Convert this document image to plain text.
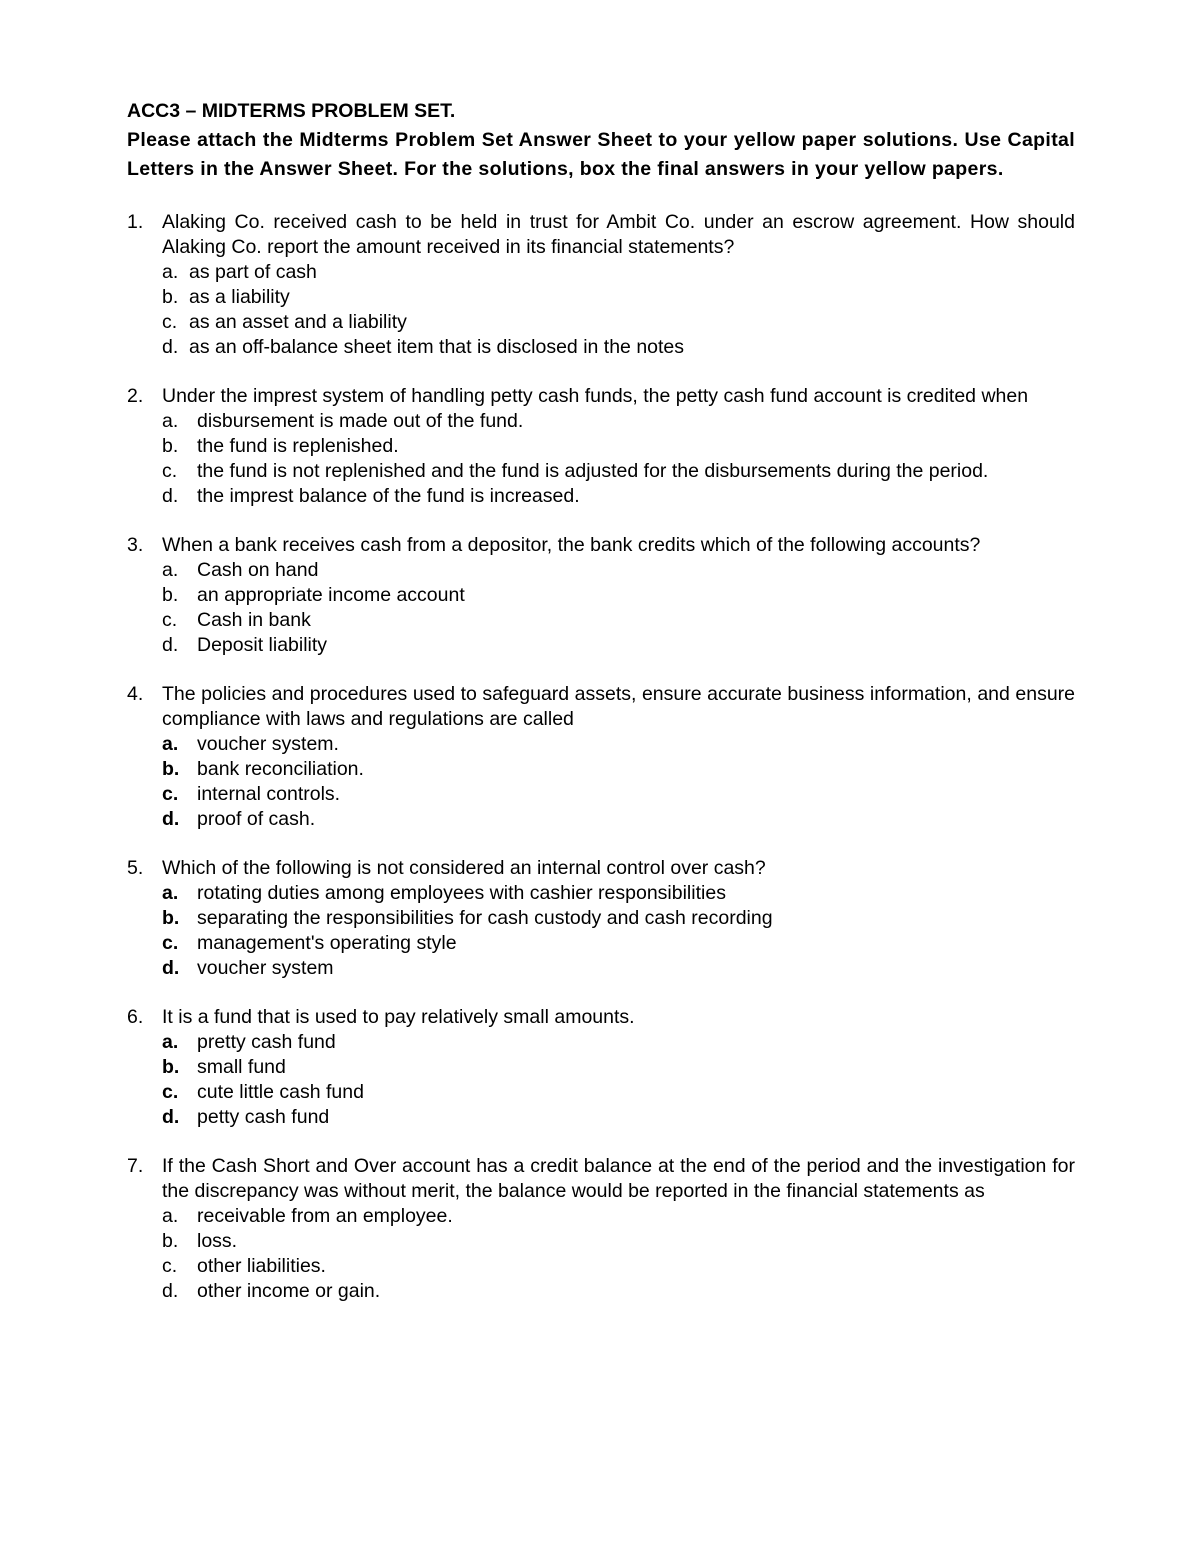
ACC3 – MIDTERMS PROBLEM SET.

Please attach the Midterms Problem Set Answer Sheet to your yellow paper solutions. Use Capital Letters in the Answer Sheet. For the solutions, box the final answers in your yellow papers.

1. Alaking Co. received cash to be held in trust for Ambit Co. under an escrow agreement. How should Alaking Co. report the amount received in its financial statements?

a. as part of cash
b. as a liability
c. as an asset and a liability
d. as an off-balance sheet item that is disclosed in the notes
2. Under the imprest system of handling petty cash funds, the petty cash fund account is credited when

a. disbursement is made out of the fund.
b. the fund is replenished.
c.	the fund is not replenished and the fund is adjusted for the disbursements during the period.
d. the imprest balance of the fund is increased.
3. When a bank receives cash from a depositor, the bank credits which of the following accounts?

a. Cash on hand
b. an appropriate income account
c.	Cash in bank
d. Deposit liability
4. The policies and procedures used to safeguard assets, ensure accurate business information, and ensure compliance with laws and regulations are called

a. voucher system.
b. bank reconciliation.
c. internal controls.
d. proof of cash.
5. Which of the following is not considered an internal control over cash?

a. rotating duties among employees with cashier responsibilities
b. separating the responsibilities for cash custody and cash recording
c. management's operating style
d. voucher system
6. It is a fund that is used to pay relatively small amounts.

a. pretty cash fund
b. small fund
c. cute little cash fund
d. petty cash fund
7. If the Cash Short and Over account has a credit balance at the end of the period and the investigation for the discrepancy was without merit, the balance would be reported in the financial statements as

a. receivable from an employee.
b. loss.
c.	other liabilities.
d. other income or gain.
